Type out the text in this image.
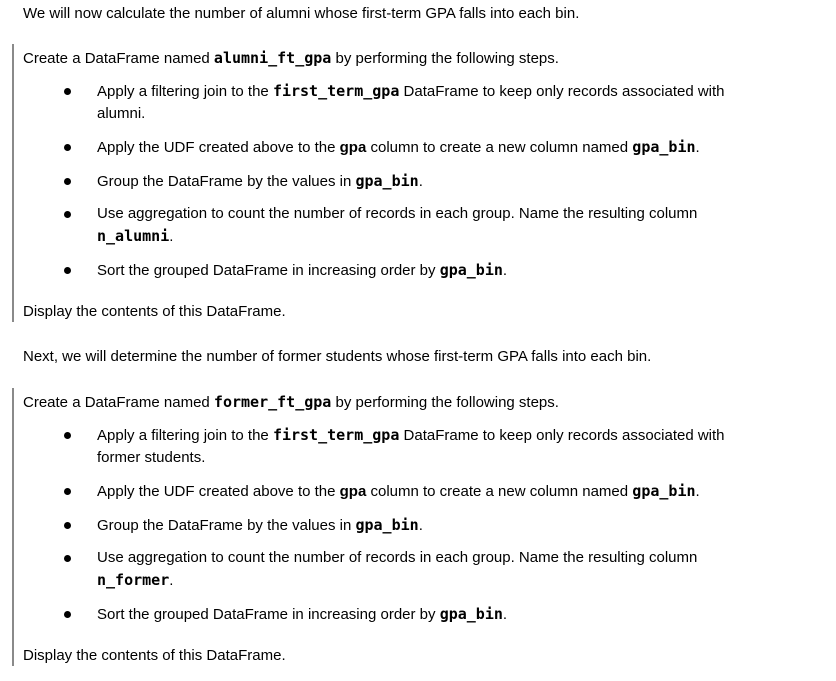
We will now calculate the number of alumni whose first-term GPA falls into each bin.

Create a DataFrame named alumni_ft_gpa by performing the following steps.

Apply a filtering join to the first_term_gpa DataFrame to keep only records associated with
alumni.

Apply the UDF created above to the gpa column to create a new column named gpa_bin.

Group the DataFrame by the values in gpa_bin.

Use aggregation to count the number of records in each group. Name the resulting column
n_alumni.

Sort the grouped DataFrame in increasing order by gpa_bin.

Display the contents of this DataFrame.

Next, we will determine the number of former students whose first-term GPA falls into each bin.

Create a DataFrame named former_ft_gpa by performing the following steps.

Apply a filtering join to the first_term_gpa DataFrame to keep only records associated with
former students.

Apply the UDF created above to the gpa column to create a new column named gpa_bin.

Group the DataFrame by the values in gpa_bin.

Use aggregation to count the number of records in each group. Name the resulting column
n_former.

Sort the grouped DataFrame in increasing order by gpa_bin.

Display the contents of this DataFrame.
